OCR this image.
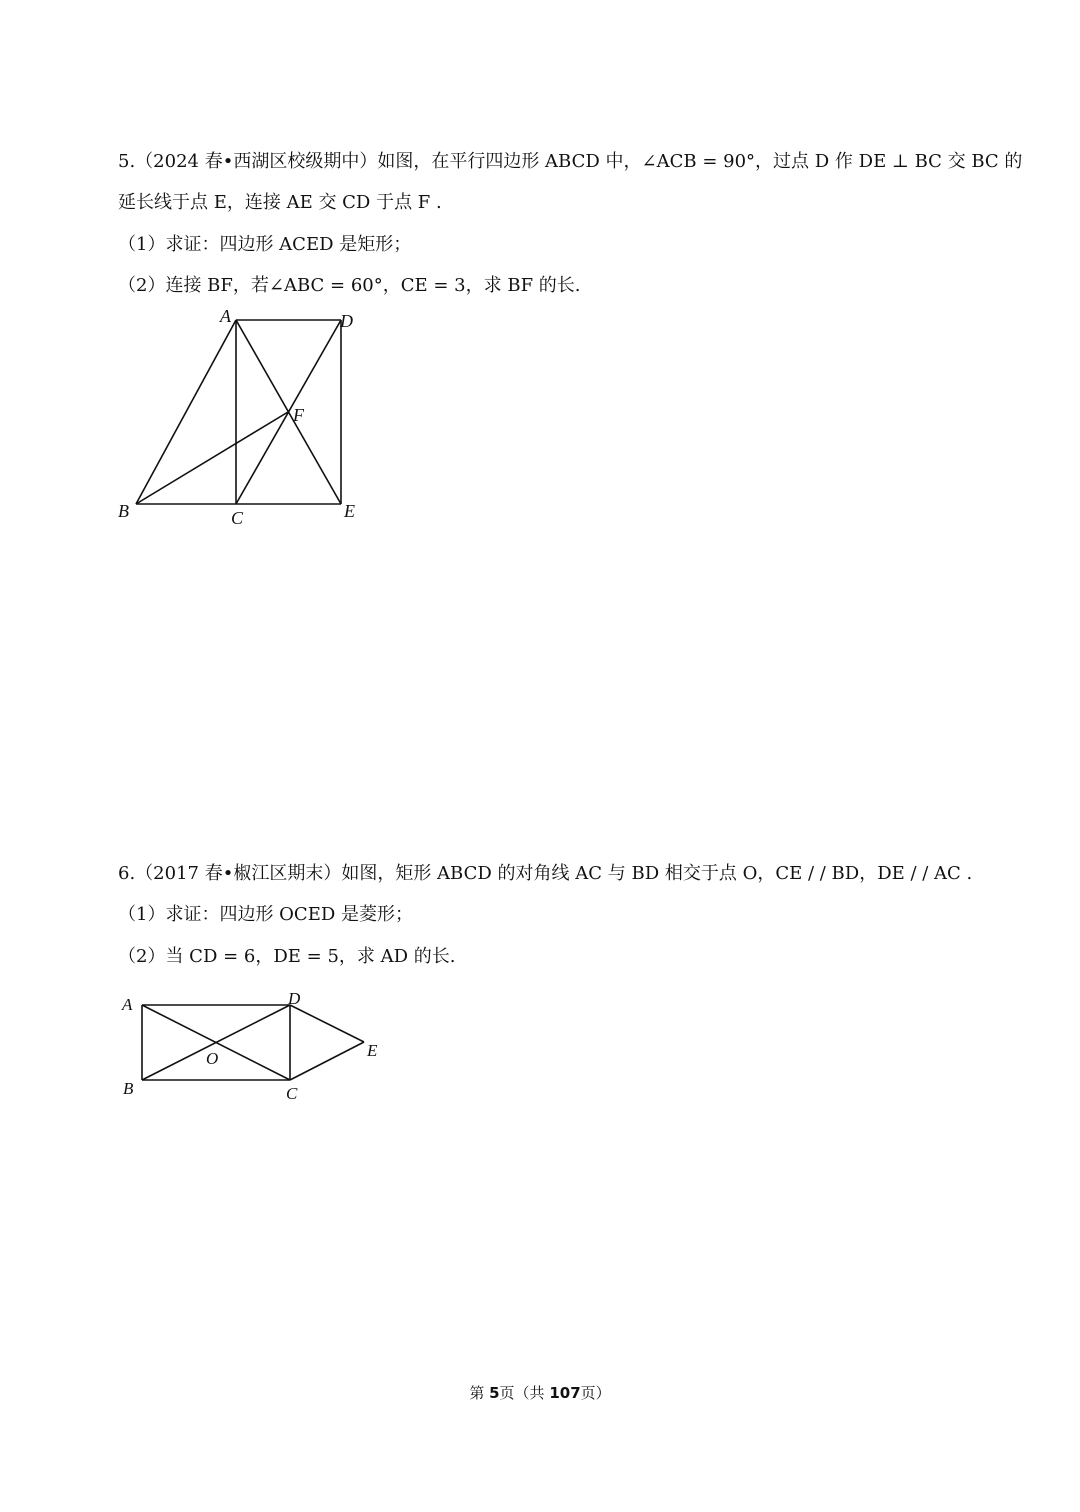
5.（2024 春•西湖区校级期中）如图，在平行四边形 ABCD 中，∠ACB = 90°，过点 D 作 DE ⊥ BC 交 BC 的
延长线于点 E，连接 AE 交 CD 于点 F .
（1）求证：四边形 ACED 是矩形；
（2）连接 BF，若∠ABC = 60°，CE = 3，求 BF 的长.
A	D
F
B	C	E
6.（2017 春•椒江区期末）如图，矩形 ABCD 的对角线 AC 与 BD 相交于点 O，CE / / BD，DE / / AC .
（1）求证：四边形 OCED 是菱形；
（2）当 CD = 6，DE = 5，求 AD 的长.
A	D
O	E
B	C
第 5页（共 107页）
